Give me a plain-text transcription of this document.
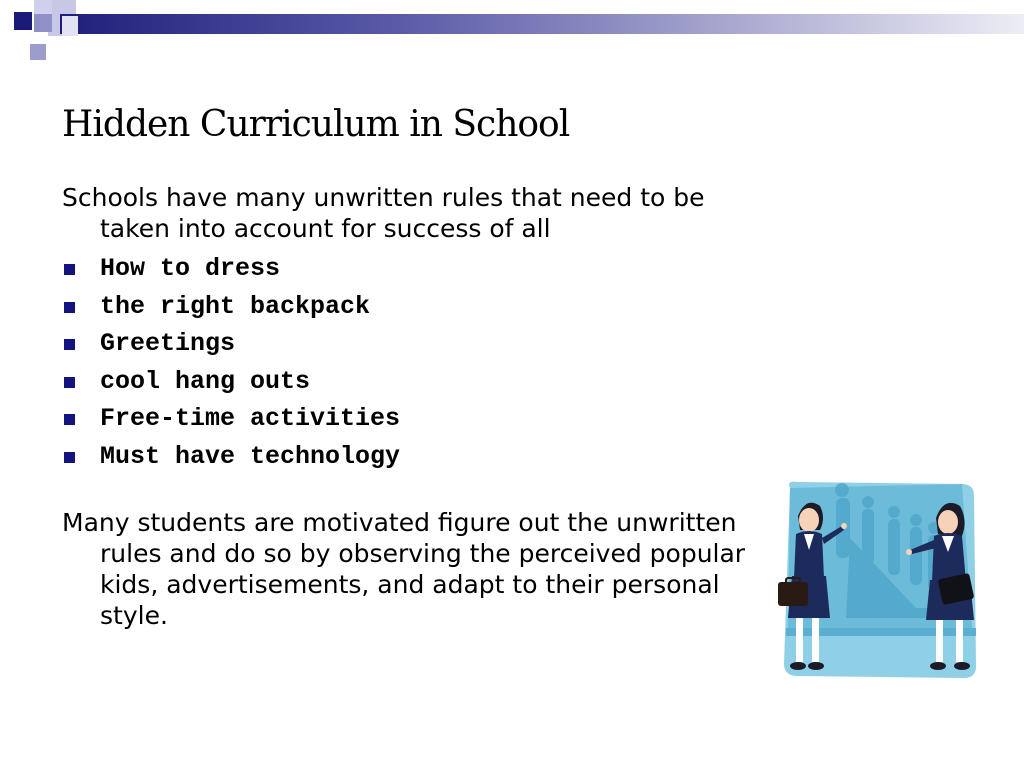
Hidden Curriculum in School

Schools have many unwritten rules that need to be taken into account for success of all

How to dress
the right backpack
Greetings
cool hang outs
Free-time activities
Must have technology

Many students are motivated figure out the unwritten rules and do so by observing the perceived popular kids, advertisements, and adapt to their personal style.
